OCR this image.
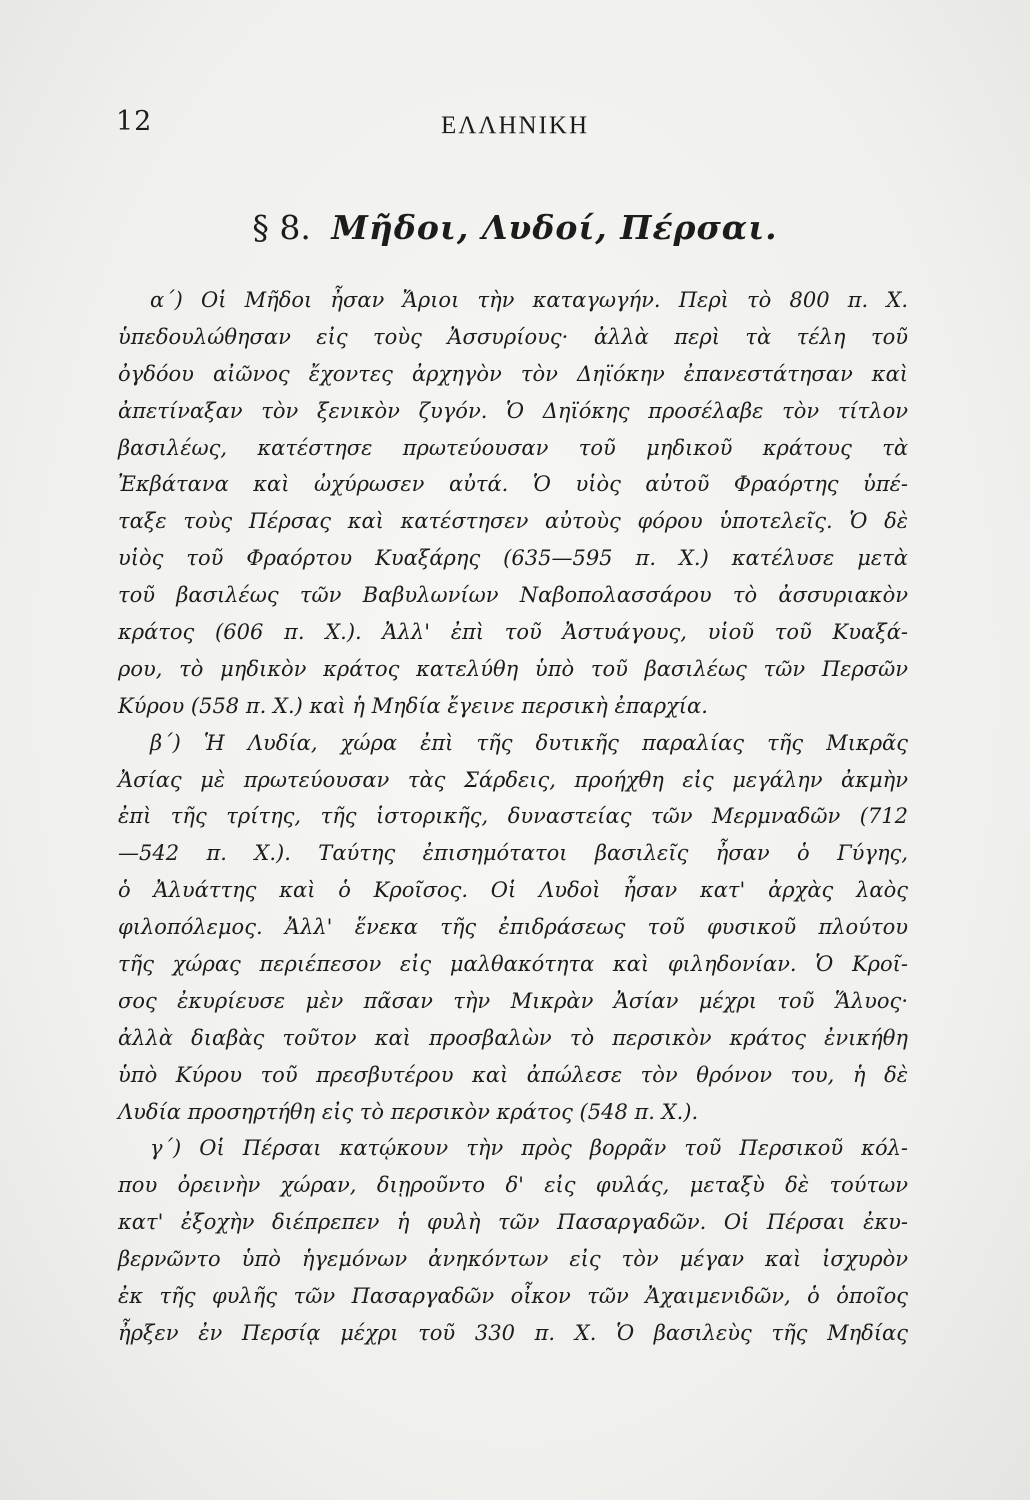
12	ΕΛΛΗΝΙΚΗ
§ 8. Μῆδοι, Λυδοί, Πέρσαι.
α΄) Οἱ Μῆδοι ἦσαν Ἄριοι τὴν καταγωγήν. Περὶ τὸ 800 π. Χ.
ὑπεδουλώθησαν εἰς τοὺς Ἀσσυρίους· ἀλλὰ περὶ τὰ τέλη τοῦ
ὀγδόου αἰῶνος ἔχοντες ἀρχηγὸν τὸν Δηϊόκην ἐπανεστάτησαν καὶ
ἀπετίναξαν τὸν ξενικὸν ζυγόν. Ὁ Δηϊόκης προσέλαβε τὸν τίτλον
βασιλέως, κατέστησε πρωτεύουσαν τοῦ μηδικοῦ κράτους τὰ
Ἐκβάτανα καὶ ὠχύρωσεν αὐτά. Ὁ υἱὸς αὐτοῦ Φραόρτης ὑπέ-
ταξε τοὺς Πέρσας καὶ κατέστησεν αὐτοὺς φόρου ὑποτελεῖς. Ὁ δὲ
υἱὸς τοῦ Φραόρτου Κυαξάρης (635—595 π. Χ.) κατέλυσε μετὰ
τοῦ βασιλέως τῶν Βαβυλωνίων Ναβοπολασσάρου τὸ ἀσσυριακὸν
κράτος (606 π. Χ.). Ἀλλ' ἐπὶ τοῦ Ἀστυάγους, υἱοῦ τοῦ Κυαξά-
ρου, τὸ μηδικὸν κράτος κατελύθη ὑπὸ τοῦ βασιλέως τῶν Περσῶν
Κύρου (558 π. Χ.) καὶ ἡ Μηδία ἔγεινε περσικὴ ἐπαρχία.
β΄) Ἡ Λυδία, χώρα ἐπὶ τῆς δυτικῆς παραλίας τῆς Μικρᾶς
Ἀσίας μὲ πρωτεύουσαν τὰς Σάρδεις, προήχθη εἰς μεγάλην ἀκμὴν
ἐπὶ τῆς τρίτης, τῆς ἱστορικῆς, δυναστείας τῶν Μερμναδῶν (712
—542 π. Χ.). Ταύτης ἐπισημότατοι βασιλεῖς ἦσαν ὁ Γύγης,
ὁ Ἀλυάττης καὶ ὁ Κροῖσος. Οἱ Λυδοὶ ἦσαν κατ' ἀρχὰς λαὸς
φιλοπόλεμος. Ἀλλ' ἕνεκα τῆς ἐπιδράσεως τοῦ φυσικοῦ πλούτου
τῆς χώρας περιέπεσον εἰς μαλθακότητα καὶ φιληδονίαν. Ὁ Κροῖ-
σος ἐκυρίευσε μὲν πᾶσαν τὴν Μικρὰν Ἀσίαν μέχρι τοῦ Ἅλυος·
ἀλλὰ διαβὰς τοῦτον καὶ προσβαλὼν τὸ περσικὸν κράτος ἐνικήθη
ὑπὸ Κύρου τοῦ πρεσβυτέρου καὶ ἀπώλεσε τὸν θρόνον του, ἡ δὲ
Λυδία προσηρτήθη εἰς τὸ περσικὸν κράτος (548 π. Χ.).
γ΄) Οἱ Πέρσαι κατῴκουν τὴν πρὸς βορρᾶν τοῦ Περσικοῦ κόλ-
που ὀρεινὴν χώραν, διῃροῦντο δ' εἰς φυλάς, μεταξὺ δὲ τούτων
κατ' ἐξοχὴν διέπρεπεν ἡ φυλὴ τῶν Πασαργαδῶν. Οἱ Πέρσαι ἐκυ-
βερνῶντο ὑπὸ ἡγεμόνων ἀνηκόντων εἰς τὸν μέγαν καὶ ἰσχυρὸν
ἐκ τῆς φυλῆς τῶν Πασαργαδῶν οἶκον τῶν Ἀχαιμενιδῶν, ὁ ὁποῖος
ἦρξεν ἐν Περσίᾳ μέχρι τοῦ 330 π. Χ. Ὁ βασιλεὺς τῆς Μηδίας
